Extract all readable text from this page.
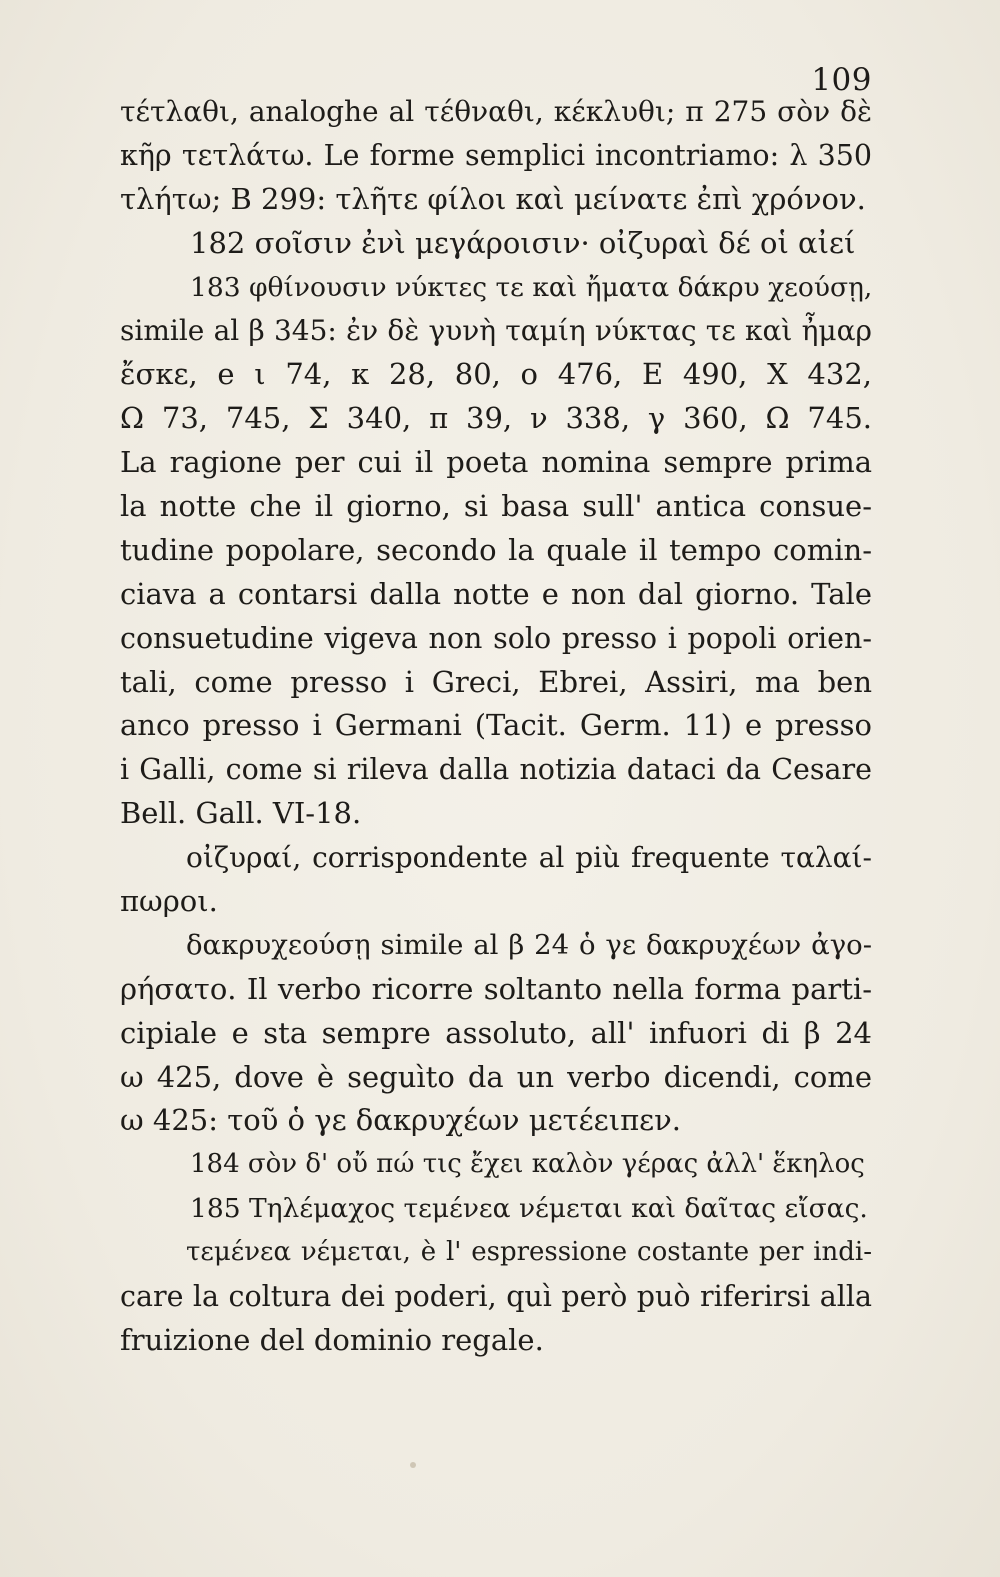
109
τέτλαθι, analoghe al τέθναθι, κέκλυθι; π 275 σὸν δὲ
κῆρ τετλάτω. Le forme semplici incontriamo: λ 350
τλήτω; B 299: τλῆτε φίλοι καὶ μείνατε ἐπὶ χρόνον.
182 σοῖσιν ἐνὶ μεγάροισιν· οἰζυραὶ δέ οἱ αἰεί
183 φθίνουσιν νύκτες τε καὶ ἤματα δάκρυ χεούσῃ,
simile al β 345: ἐν δὲ γυνὴ ταμίη νύκτας τε καὶ ἦμαρ
ἔσκε, e ι 74, κ 28, 80, ο 476, E 490, X 432,
Ω 73, 745, Σ 340, π 39, ν 338, γ 360, Ω 745.
La ragione per cui il poeta nomina sempre prima
la notte che il giorno, si basa sull' antica consue-
tudine popolare, secondo la quale il tempo comin-
ciava a contarsi dalla notte e non dal giorno. Tale
consuetudine vigeva non solo presso i popoli orien-
tali, come presso i Greci, Ebrei, Assiri, ma ben
anco presso i Germani (Tacit. Germ. 11) e presso
i Galli, come si rileva dalla notizia dataci da Cesare
Bell. Gall. VI-18.
οἰζυραί, corrispondente al più frequente ταλαί-
πωροι.
δακρυχεούσῃ simile al β 24 ὁ γε δακρυχέων ἀγο-
ρήσατο. Il verbo ricorre soltanto nella forma parti-
cipiale e sta sempre assoluto, all' infuori di β 24
ω 425, dove è seguìto da un verbo dicendi, come
ω 425: τοῦ ὁ γε δακρυχέων μετέειπεν.
184 σὸν δ' οὔ πώ τις ἔχει καλὸν γέρας ἀλλ' ἕκηλος
185 Τηλέμαχος τεμένεα νέμεται καὶ δαῖτας εἴσας.
τεμένεα νέμεται, è l' espressione costante per indi-
care la coltura dei poderi, quì però può riferirsi alla
fruizione del dominio regale.
